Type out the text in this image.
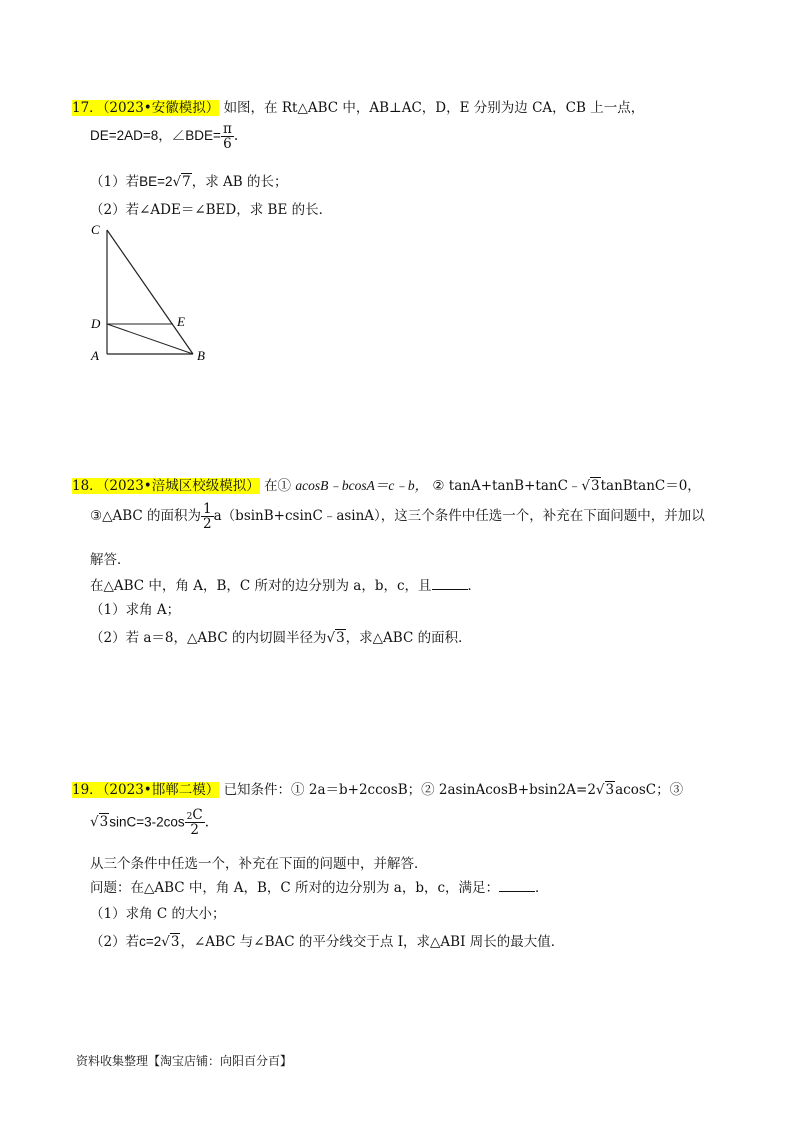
17．（2023•安徽模拟） 如图，在 Rt△ABC 中，AB⊥AC，D，E 分别为边 CA，CB 上一点，
DE=2AD=8，∠BDE= $\frac{\pi}{6}$ .
（1）若BE=2√7，求 AB 的长；
（2）若∠ADE＝∠BED，求 BE 的长．
C
D	E
A	B
18．（2023•涪城区校级模拟） 在① acosB﹣bcosA＝c﹣b， ② tanA+tanB+tanC﹣√3tanBtanC＝0，
③△ABC 的面积为 $\frac{1}{2}$ a（bsinB+csinC﹣asinA），这三个条件中任选一个，补充在下面问题中，并加以
解答．
在△ABC 中，角 A，B，C 所对的边分别为 a，b，c，且	．
（1）求角 A；
（2）若 a＝8，△ABC 的内切圆半径为√3，求△ABC 的面积．
19．（2023•邯郸二模） 已知条件：① 2a＝b+2ccosB；② 2asinAcosB+bsin2A=2√3acosC；③
$√3\sin C=3-2\cos \frac{2C}{2}$ .
从三个条件中任选一个，补充在下面的问题中，并解答．
问题：在△ABC 中，角 A，B，C 所对的边分别为 a，b，c，满足：	．
（1）求角 C 的大小；
（2）若c=2√3，∠ABC 与∠BAC 的平分线交于点 I，求△ABI 周长的最大值．
资料收集整理【淘宝店铺：向阳百分百】
